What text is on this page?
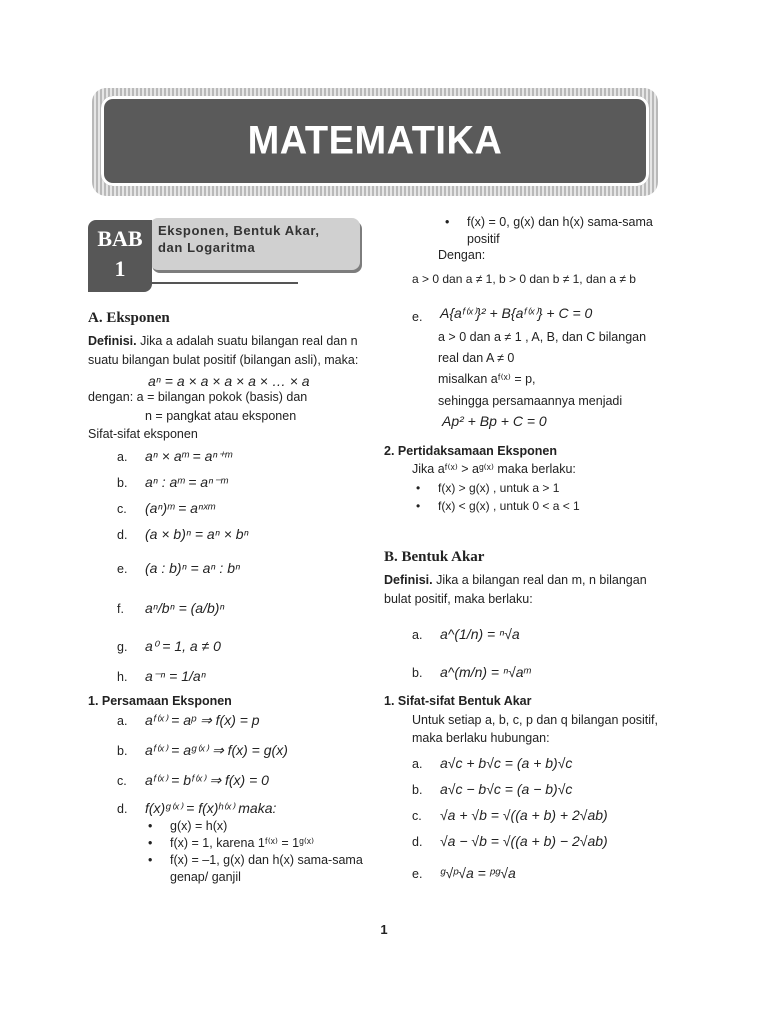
MATEMATIKA
BAB
1
Eksponen, Bentuk Akar,
dan Logaritma
A. Eksponen
Definisi. Jika a adalah suatu bilangan real dan n suatu bilangan bulat positif (bilangan asli), maka:
aⁿ = a × a × a × a × … × a
dengan: a = bilangan pokok (basis) dan
n = pangkat atau eksponen
Sifat-sifat eksponen
a. aⁿ × aᵐ = aⁿ⁺ᵐ
b. aⁿ : aᵐ = aⁿ⁻ᵐ
c. (aⁿ)ᵐ = aⁿˣᵐ
d. (a × b)ⁿ = aⁿ × bⁿ
e. (a : b)ⁿ = aⁿ : bⁿ
f. aⁿ/bⁿ = (a/b)ⁿ
g. a⁰ = 1, a ≠ 0
h. a⁻ⁿ = 1/aⁿ
1. Persamaan Eksponen
a. aᶠ⁽ˣ⁾ = aᵖ ⇒ f(x) = p
b. aᶠ⁽ˣ⁾ = aᵍ⁽ˣ⁾ ⇒ f(x) = g(x)
c. aᶠ⁽ˣ⁾ = bᶠ⁽ˣ⁾ ⇒ f(x) = 0
d. f(x)ᵍ⁽ˣ⁾ = f(x)ʰ⁽ˣ⁾ maka:
• g(x) = h(x)
• f(x) = 1, karena 1ᶠ⁽ˣ⁾ = 1ᵍ⁽ˣ⁾
• f(x) = –1, g(x) dan h(x) sama-sama
genap/ ganjil
• f(x) = 0, g(x) dan h(x) sama-sama
positif
Dengan:
a > 0 dan a ≠ 1, b > 0 dan b ≠ 1, dan a ≠ b
e. A{aᶠ⁽ˣ⁾}² + B{aᶠ⁽ˣ⁾} + C = 0
a > 0 dan a ≠ 1 , A, B, dan C bilangan
real dan A ≠ 0
misalkan aᶠ⁽ˣ⁾ = p,
sehingga persamaannya menjadi
Ap² + Bp + C = 0
2. Pertidaksamaan Eksponen
Jika aᶠ⁽ˣ⁾ > aᵍ⁽ˣ⁾ maka berlaku:
• f(x) > g(x) , untuk a > 1
• f(x) < g(x) , untuk 0 < a < 1
B. Bentuk Akar
Definisi. Jika a bilangan real dan m, n bilangan bulat positif, maka berlaku:
a. a^(1/n) = ⁿ√a
b. a^(m/n) = ⁿ√aᵐ
1. Sifat-sifat Bentuk Akar
Untuk setiap a, b, c, p dan q bilangan positif, maka berlaku hubungan:
a. a√c + b√c = (a + b)√c
b. a√c − b√c = (a − b)√c
c. √a + √b = √((a + b) + 2√ab)
d. √a − √b = √((a + b) − 2√ab)
e. ᵍ√ᵖ√a = ᵖᵍ√a
1
